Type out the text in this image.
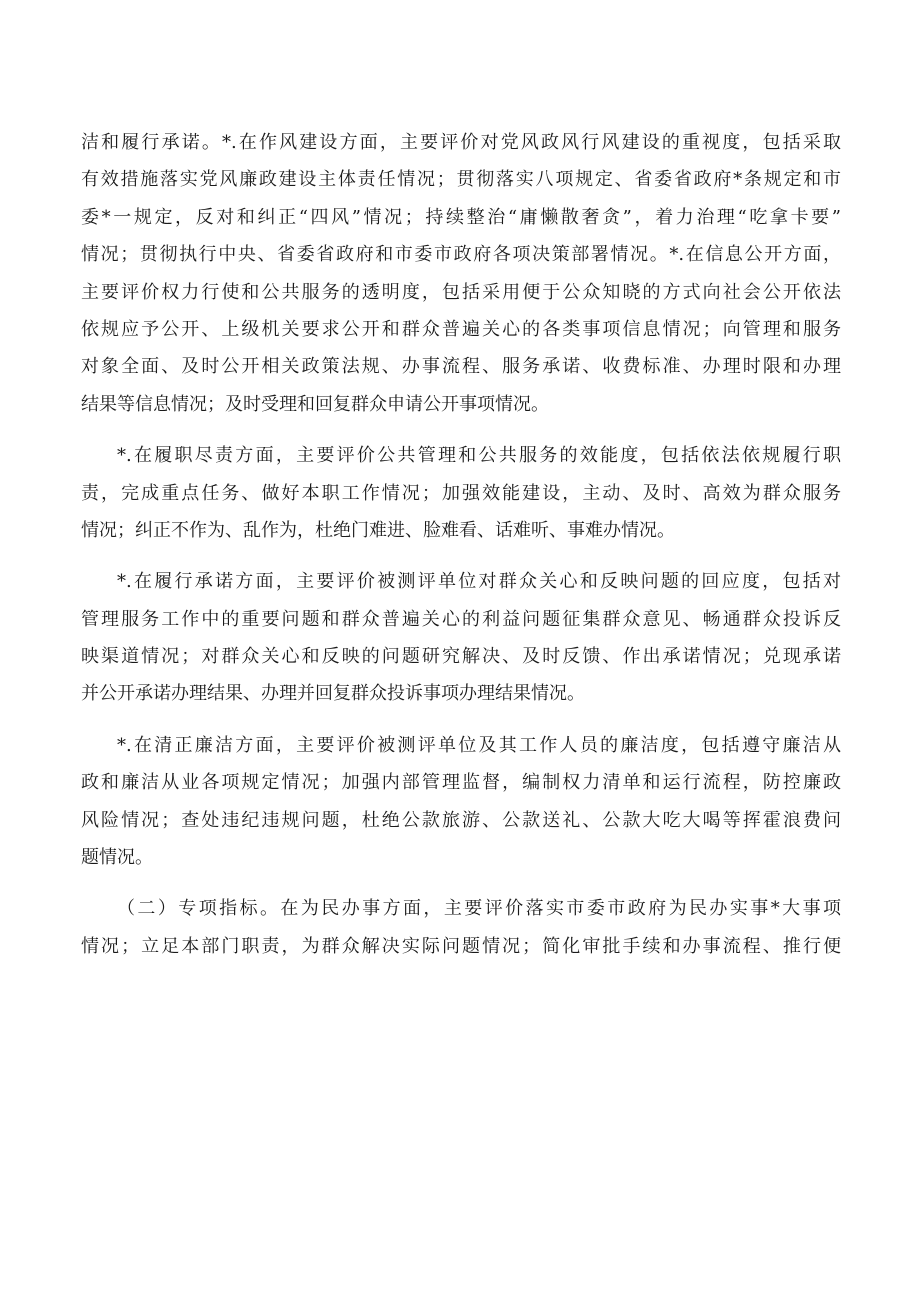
洁和履行承诺。*.在作风建设方面，主要评价对党风政风行风建设的重视度，包括采取
有效措施落实党风廉政建设主体责任情况；贯彻落实八项规定、省委省政府*条规定和市
委*一规定，反对和纠正“四风”情况；持续整治“庸懒散奢贪”，着力治理“吃拿卡要”
情况；贯彻执行中央、省委省政府和市委市政府各项决策部署情况。*.在信息公开方面，
主要评价权力行使和公共服务的透明度，包括采用便于公众知晓的方式向社会公开依法
依规应予公开、上级机关要求公开和群众普遍关心的各类事项信息情况；向管理和服务
对象全面、及时公开相关政策法规、办事流程、服务承诺、收费标准、办理时限和办理
结果等信息情况；及时受理和回复群众申请公开事项情况。
*.在履职尽责方面，主要评价公共管理和公共服务的效能度，包括依法依规履行职
责，完成重点任务、做好本职工作情况；加强效能建设，主动、及时、高效为群众服务
情况；纠正不作为、乱作为，杜绝门难进、脸难看、话难听、事难办情况。
*.在履行承诺方面，主要评价被测评单位对群众关心和反映问题的回应度，包括对
管理服务工作中的重要问题和群众普遍关心的利益问题征集群众意见、畅通群众投诉反
映渠道情况；对群众关心和反映的问题研究解决、及时反馈、作出承诺情况；兑现承诺
并公开承诺办理结果、办理并回复群众投诉事项办理结果情况。
*.在清正廉洁方面，主要评价被测评单位及其工作人员的廉洁度，包括遵守廉洁从
政和廉洁从业各项规定情况；加强内部管理监督，编制权力清单和运行流程，防控廉政
风险情况；查处违纪违规问题，杜绝公款旅游、公款送礼、公款大吃大喝等挥霍浪费问
题情况。
（二）专项指标。在为民办事方面，主要评价落实市委市政府为民办实事*大事项
情况；立足本部门职责，为群众解决实际问题情况；简化审批手续和办事流程、推行便
